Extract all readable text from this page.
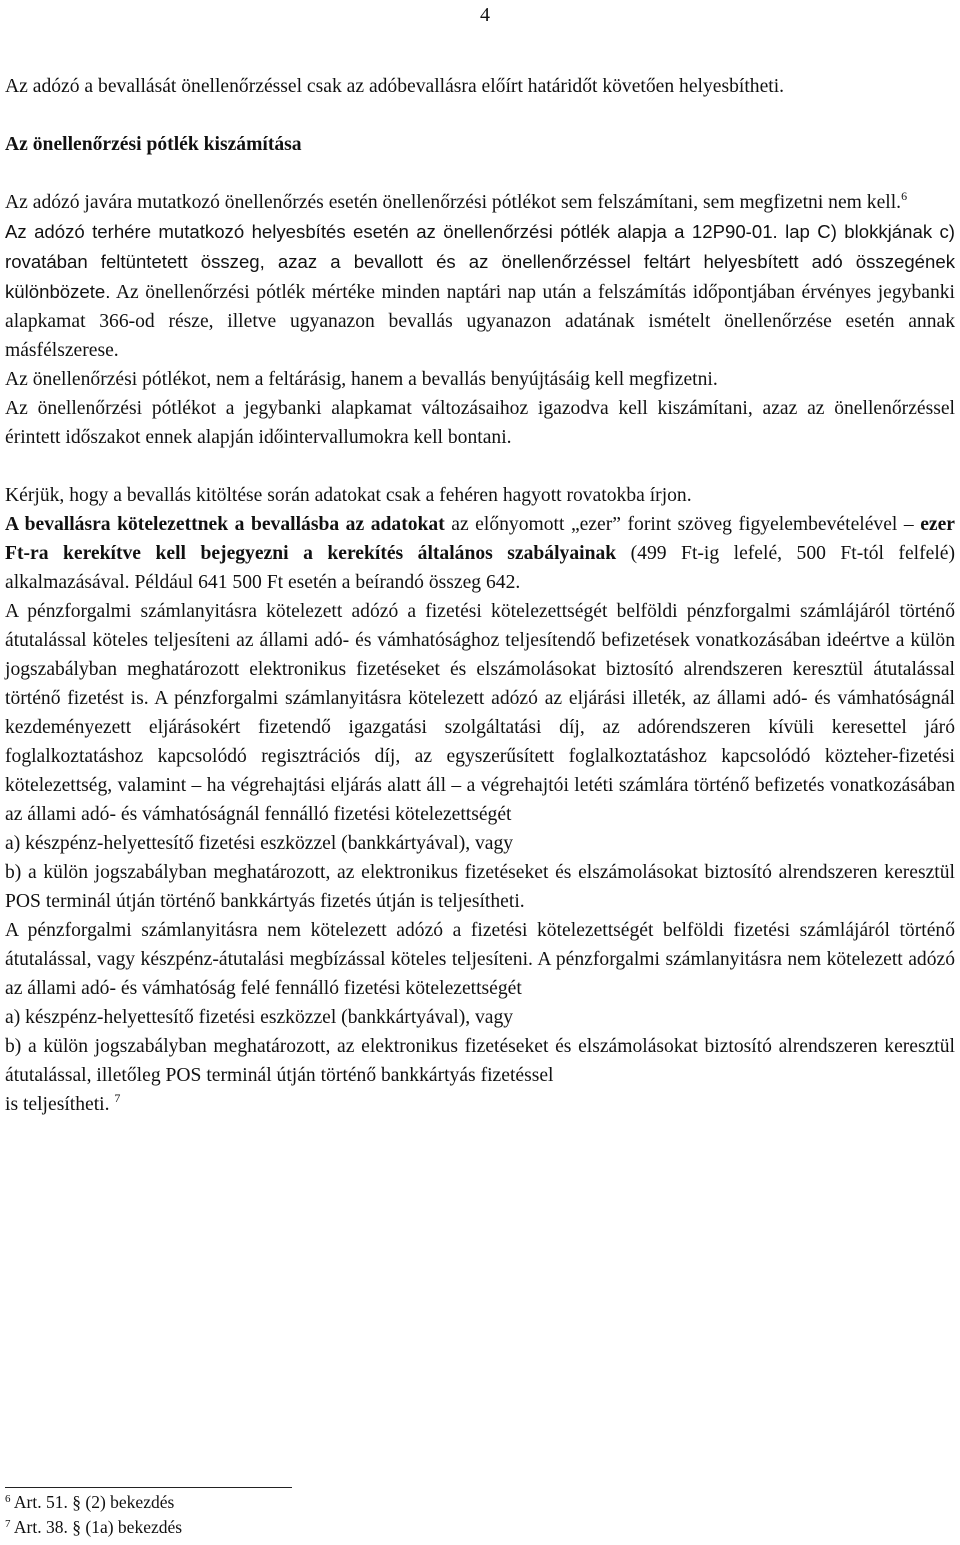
4

Az adózó a bevallását önellenőrzéssel csak az adóbevallásra előírt határidőt követően helyesbítheti.

Az önellenőrzési pótlék kiszámítása

Az adózó javára mutatkozó önellenőrzés esetén önellenőrzési pótlékot sem felszámítani, sem megfizetni nem kell.$^6$
Az adózó terhére mutatkozó helyesbítés esetén az önellenőrzési pótlék alapja a 12P90-01. lap C) blokkjának c) rovatában feltüntetett összeg, azaz a bevallott és az önellenőrzéssel feltárt helyesbített adó összegének különbözete. Az önellenőrzési pótlék mértéke minden naptári nap után a felszámítás időpontjában érvényes jegybanki alapkamat 366-od része, illetve ugyanazon bevallás ugyanazon adatának ismételt önellenőrzése esetén annak másfélszerese.

Az önellenőrzési pótlékot, nem a feltárásig, hanem a bevallás benyújtásáig kell megfizetni.

Az önellenőrzési pótlékot a jegybanki alapkamat változásaihoz igazodva kell kiszámítani, azaz az önellenőrzéssel érintett időszakot ennek alapján időintervallumokra kell bontani.

Kérjük, hogy a bevallás kitöltése során adatokat csak a fehéren hagyott rovatokba írjon.

A bevallásra kötelezettnek a bevallásba az adatokat az előnyomott „ezer” forint szöveg figyelembevételével – ezer Ft-ra kerekítve kell bejegyezni a kerekítés általános szabályainak (499 Ft-ig lefelé, 500 Ft-tól felfelé) alkalmazásával. Például 641 500 Ft esetén a beírandó összeg 642.

A pénzforgalmi számlanyitásra kötelezett adózó a fizetési kötelezettségét belföldi pénzforgalmi számlájáról történő átutalással köteles teljesíteni az állami adó- és vámhatósághoz teljesítendő befizetések vonatkozásában ideértve a külön jogszabályban meghatározott elektronikus fizetéseket és elszámolásokat biztosító alrendszeren keresztül átutalással történő fizetést is. A pénzforgalmi számlanyitásra kötelezett adózó az eljárási illeték, az állami adó- és vámhatóságnál kezdeményezett eljárásokért fizetendő igazgatási szolgáltatási díj, az adórendszeren kívüli keresettel járó foglalkoztatáshoz kapcsolódó regisztrációs díj, az egyszerűsített foglalkoztatáshoz kapcsolódó közteher-fizetési kötelezettség, valamint – ha végrehajtási eljárás alatt áll – a végrehajtói letéti számlára történő befizetés vonatkozásában az állami adó- és vámhatóságnál fennálló fizetési kötelezettségét

a) készpénz-helyettesítő fizetési eszközzel (bankkártyával), vagy

b) a külön jogszabályban meghatározott, az elektronikus fizetéseket és elszámolásokat biztosító alrendszeren keresztül POS terminál útján történő bankkártyás fizetés útján is teljesítheti.

A pénzforgalmi számlanyitásra nem kötelezett adózó a fizetési kötelezettségét belföldi fizetési számlájáról történő átutalással, vagy készpénz-átutalási megbízással köteles teljesíteni. A pénzforgalmi számlanyitásra nem kötelezett adózó az állami adó- és vámhatóság felé fennálló fizetési kötelezettségét

a) készpénz-helyettesítő fizetési eszközzel (bankkártyával), vagy

b) a külön jogszabályban meghatározott, az elektronikus fizetéseket és elszámolásokat biztosító alrendszeren keresztül átutalással, illetőleg POS terminál útján történő bankkártyás fizetéssel

is teljesítheti. $^7$

$^6$ Art. 51. § (2) bekezdés
$^7$ Art. 38. § (1a) bekezdés
